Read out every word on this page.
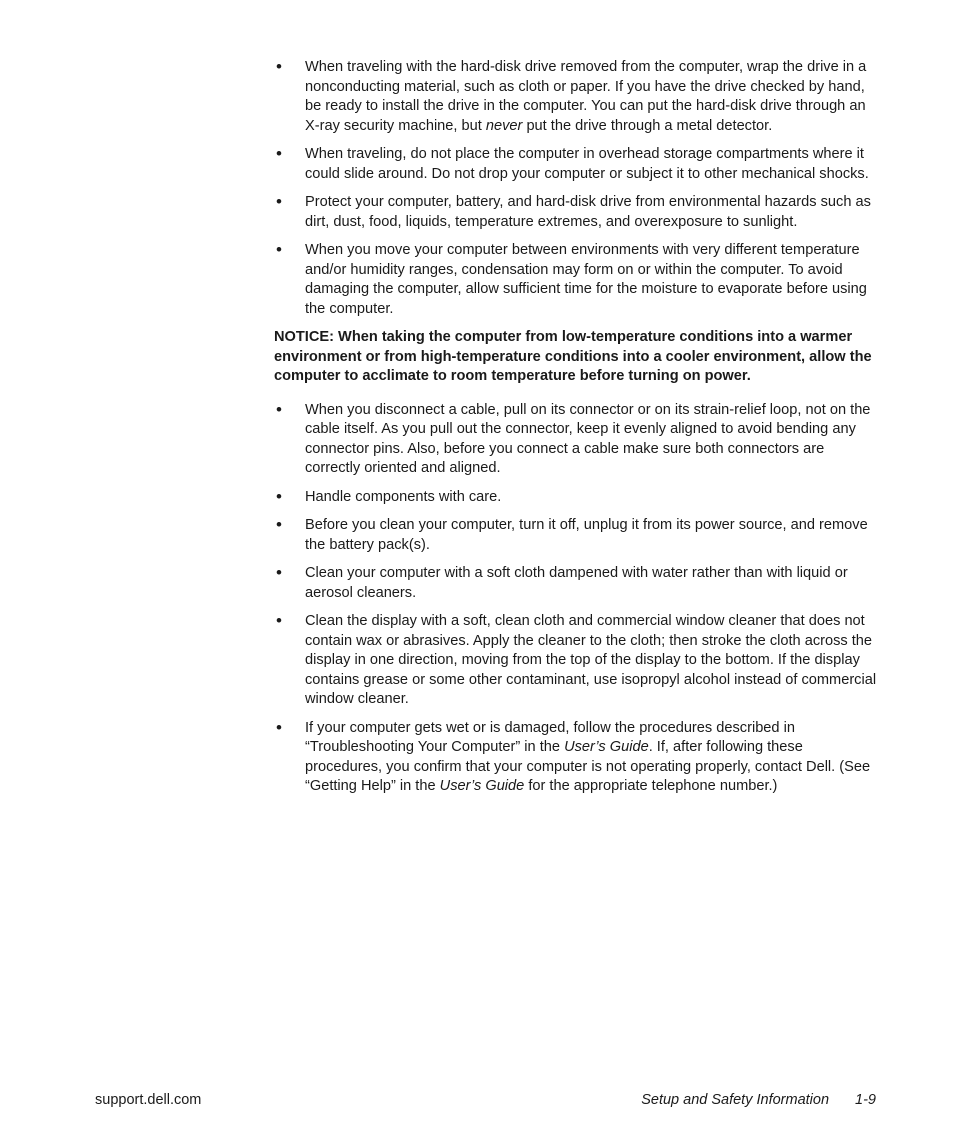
• When traveling with the hard-disk drive removed from the computer, wrap the drive in a nonconducting material, such as cloth or paper. If you have the drive checked by hand, be ready to install the drive in the computer. You can put the hard-disk drive through an X-ray security machine, but never put the drive through a metal detector.
• When traveling, do not place the computer in overhead storage compartments where it could slide around. Do not drop your computer or subject it to other mechanical shocks.
• Protect your computer, battery, and hard-disk drive from environmental hazards such as dirt, dust, food, liquids, temperature extremes, and overexposure to sunlight.
• When you move your computer between environments with very different temperature and/or humidity ranges, condensation may form on or within the computer. To avoid damaging the computer, allow sufficient time for the moisture to evaporate before using the computer.
NOTICE: When taking the computer from low-temperature conditions into a warmer environment or from high-temperature conditions into a cooler environment, allow the computer to acclimate to room temperature before turning on power.
• When you disconnect a cable, pull on its connector or on its strain-relief loop, not on the cable itself. As you pull out the connector, keep it evenly aligned to avoid bending any connector pins. Also, before you connect a cable make sure both connectors are correctly oriented and aligned.
• Handle components with care.
• Before you clean your computer, turn it off, unplug it from its power source, and remove the battery pack(s).
• Clean your computer with a soft cloth dampened with water rather than with liquid or aerosol cleaners.
• Clean the display with a soft, clean cloth and commercial window cleaner that does not contain wax or abrasives. Apply the cleaner to the cloth; then stroke the cloth across the display in one direction, moving from the top of the display to the bottom. If the display contains grease or some other contaminant, use isopropyl alcohol instead of commercial window cleaner.
• If your computer gets wet or is damaged, follow the procedures described in “Troubleshooting Your Computer” in the User’s Guide. If, after following these procedures, you confirm that your computer is not operating properly, contact Dell. (See “Getting Help” in the User’s Guide for the appropriate telephone number.)
support.dell.com	Setup and Safety Information 1-9
